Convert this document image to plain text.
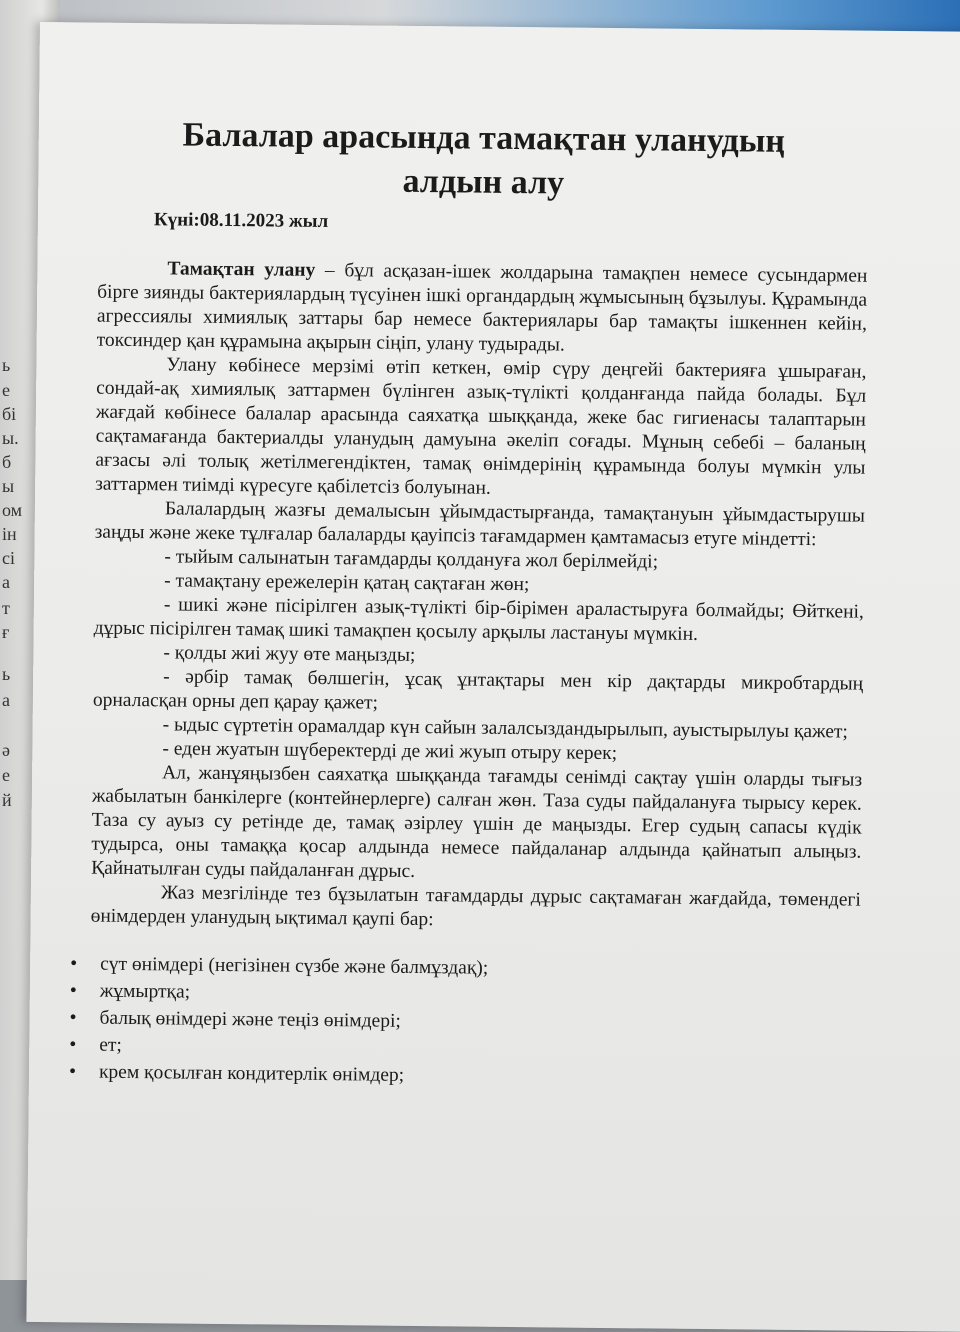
ь
е
бі
ы.
б
ы
ом
ін
сі
а
т
ғ
ь
а
ә
е
й
Балалар арасында тамақтан уланудың
алдын алу
Күні:08.11.2023 жыл

Тамақтан улану – бұл асқазан-ішек жолдарына тамақпен немесе сусындармен бірге зиянды бактериялардың түсуінен ішкі органдардың жұмысының бұзылуы. Құрамында агрессиялы химиялық заттары бар немесе бактериялары бар тамақты ішкеннен кейін, токсиндер қан құрамына ақырын сіңіп, улану тудырады.

Улану көбінесе мерзімі өтіп кеткен, өмір сүру деңгейі бактерияға ұшыраған, сондай-ақ химиялық заттармен бүлінген азық-түлікті қолданғанда пайда болады. Бұл жағдай көбінесе балалар арасында саяхатқа шыққанда, жеке бас гигиенасы талаптарын сақтамағанда бактериалды уланудың дамуына әкеліп соғады. Мұның себебі – баланың ағзасы әлі толық жетілмегендіктен, тамақ өнімдерінің құрамында болуы мүмкін улы заттармен тиімді күресуге қабілетсіз болуынан.

Балалардың жазғы демалысын ұйымдастырғанда, тамақтануын ұйымдастырушы заңды және жеке тұлғалар балаларды қауіпсіз тағамдармен қамтамасыз етуге міндетті:

- тыйым салынатын тағамдарды қолдануға жол берілмейді;

- тамақтану ережелерін қатаң сақтаған жөн;

- шикі және пісірілген азық-түлікті бір-бірімен араластыруға болмайды; Өйткені, дұрыс пісірілген тамақ шикі тамақпен қосылу арқылы ластануы мүмкін.

- қолды жиі жуу өте маңызды;

- әрбір тамақ бөлшегін, ұсақ ұнтақтары мен кір дақтарды микробтардың орналасқан орны деп қарау қажет;

- ыдыс сүртетін орамалдар күн сайын залалсыздандырылып, ауыстырылуы қажет;

- еден жуатын шүберектерді де жиі жуып отыру керек;

Ал, жанұяңызбен саяхатқа шыққанда тағамды сенімді сақтау үшін оларды тығыз жабылатын банкілерге (контейнерлерге) салған жөн. Таза суды пайдалануға тырысу керек. Таза су ауыз су ретінде де, тамақ әзірлеу үшін де маңызды. Егер судың сапасы күдік тудырса, оны тамаққа қосар алдында немесе пайдаланар алдында қайнатып алыңыз. Қайнатылған суды пайдаланған дұрыс.

Жаз мезгілінде тез бұзылатын тағамдарды дұрыс сақтамаған жағдайда, төмендегі өнімдерден уланудың ықтимал қаупі бар:

• сүт өнімдері (негізінен сүзбе және балмұздақ);
• жұмыртқа;
• балық өнімдері және теңіз өнімдері;
• ет;
• крем қосылған кондитерлік өнімдер;
